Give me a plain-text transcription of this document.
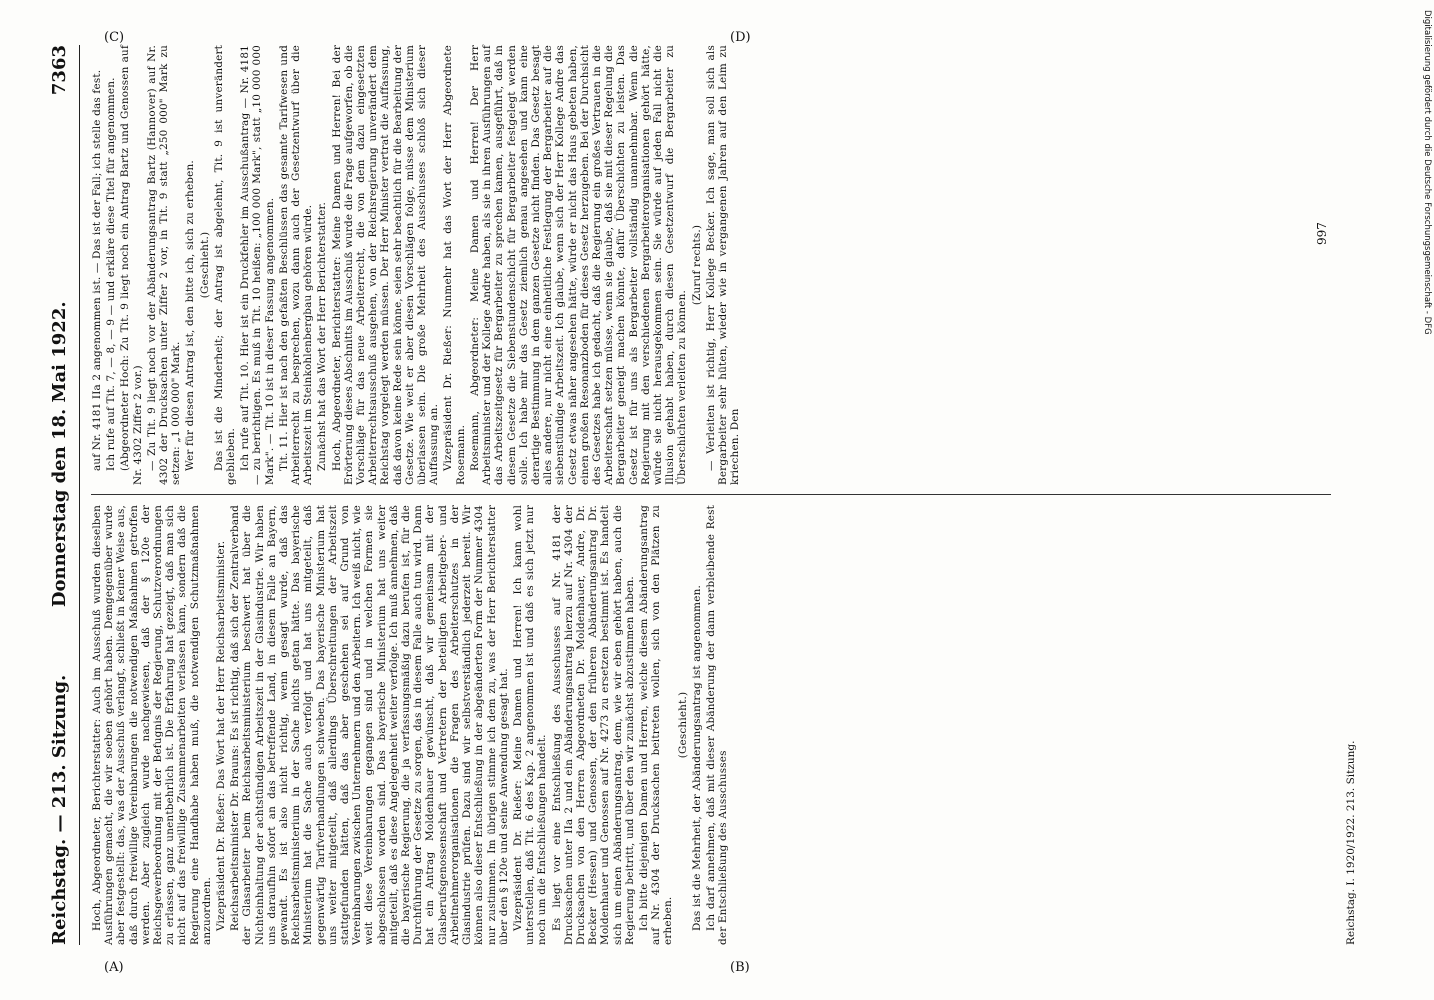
Reichstag. — 213. Sitzung.
Donnerstag den 18. Mai 1922. 7363

Hoch, Abgeordneter, Berichterstatter: Auch im Ausschuß wurden dieselben Ausführungen gemacht, die wir soeben gehört haben. Demgegenüber wurde aber festgestellt: das, was der Ausschuß verlangt, schließt in keiner Weise aus, daß durch freiwillige Vereinbarungen die notwendigen Maßnahmen getroffen werden. Aber zugleich wurde nachgewiesen, daß der § 120e der Reichsgewerbeordnung mit der Befugnis der Regierung, Schutzverordnungen zu erlassen, ganz unentbehrlich ist. Die Erfahrung hat gezeigt, daß man sich nicht auf das freiwillige Zusammenarbeiten verlassen kann, sondern daß die Regierung eine Handhabe haben muß, die notwendigen Schutzmaßnahmen anzuordnen. Vizepräsident Dr. Rießer: Das Wort hat der Herr Reichsarbeitsminister. Reichsarbeitsminister Dr. Brauns: Es ist richtig, daß sich der Zentralverband der Glasarbeiter beim Reichsarbeitsministerium beschwert hat über die Nichteinhaltung der achtstündigen Arbeitszeit in der Glasindustrie. Wir haben uns daraufhin sofort an das betreffende Land, in diesem Falle an Bayern, gewandt. Es ist also nicht richtig, wenn gesagt wurde, daß das Reichsarbeitsministerium in der Sache nichts getan hätte. Das bayerische Ministerium hat die Sache auch verfolgt und hat uns mitgeteilt, daß gegenwärtig Tarifverhandlungen schweben. Das bayerische Ministerium hat uns weiter mitgeteilt, daß allerdings Überschreitungen der Arbeitszeit stattgefunden hätten, daß das aber geschehen sei auf Grund von Vereinbarungen zwischen Unternehmern und den Arbeitern. Ich weiß nicht, wie weit diese Vereinbarungen gegangen sind und in welchen Formen sie abgeschlossen worden sind. Das bayerische Ministerium hat uns weiter mitgeteilt, daß es diese Angelegenheit weiter verfolge. Ich muß annehmen, daß die bayerische Regierung, die ja verfassungsmäßig dazu berufen ist, für die Durchführung der Gesetze zu sorgen, das in diesem Falle auch tun wird. Dann hat ein Antrag Moldenhauer gewünscht, daß wir gemeinsam mit der Glasberufsgenossenschaft und Vertretern der beteiligten Arbeitgeber- und Arbeitnehmerorganisationen die Fragen des Arbeiterschutzes in der Glasindustrie prüfen. Dazu sind wir selbstverständlich jederzeit bereit. Wir können also dieser Entschließung in der abgeänderten Form der Nummer 4304 nur zustimmen. Im übrigen stimme ich dem zu, was der Herr Berichterstatter über den § 120e und seine Anwendung gesagt hat. Vizepräsident Dr. Rießer: Meine Damen und Herren! Ich kann wohl unterstellen, daß Tit. 6 des Kap. 2 angenommen ist und daß es sich jetzt nur noch um die Entschließungen handelt. Es liegt vor eine Entschließung des Ausschusses auf Nr. 4181 der Drucksachen unter IIa 2 und ein Abänderungsantrag hierzu auf Nr. 4304 der Drucksachen von den Herren Abgeordneten Dr. Moldenhauer, Andre, Dr. Becker (Hessen) und Genossen, der den früheren Abänderungsantrag Dr. Moldenhauer und Genossen auf Nr. 4273 zu ersetzen bestimmt ist. Es handelt sich um einen Abänderungsantrag, dem, wie wir eben gehört haben, auch die Regierung beitritt, und über den wir zunächst abzustimmen haben. Ich bitte diejenigen Damen und Herren, welche diesem Abänderungsantrag auf Nr. 4304 der Drucksachen beitreten wollen, sich von den Plätzen zu erheben.

(Geschieht.) Das ist die Mehrheit, der Abänderungsantrag ist angenommen. Ich darf annehmen, daß mit dieser Abänderung der dann verbleibende Rest der Entschließung des Ausschusses

auf Nr. 4181 IIa 2 angenommen ist. — Das ist der Fall; ich stelle das fest. Ich rufe auf Tit. 7, — 8, — 9 — und erkläre diese Titel für angenommen. (Abgeordneter Hoch: Zu Tit. 9 liegt noch ein Antrag Bartz und Genossen auf Nr. 4302 Ziffer 2 vor.) — Zu Tit. 9 liegt noch vor der Abänderungsantrag Bartz (Hannover) auf Nr. 4302 der Drucksachen unter Ziffer 2 vor, in Tit. 9 statt „250 000" Mark zu setzen: „1 000 000" Mark. Wer für diesen Antrag ist, den bitte ich, sich zu erheben. (Geschieht.) Das ist die Minderheit; der Antrag ist abgelehnt, Tit. 9 ist unverändert geblieben. Ich rufe auf Tit. 10. Hier ist ein Druckfehler im Ausschußantrag — Nr. 4181 — zu berichtigen. Es muß in Tit. 10 heißen: „100 000 Mark", statt „10 000 000 Mark". — Tit. 10 ist in dieser Fassung angenommen. Tit. 11. Hier ist nach den gefaßten Beschlüssen das gesamte Tarifwesen und Arbeiterrecht zu besprechen, wozu dann auch der Gesetzentwurf über die Arbeitszeit im Steinkohlenbergbau gehören würde. Zunächst hat das Wort der Herr Berichterstatter. Hoch, Abgeordneter, Berichterstatter: Meine Damen und Herren! Bei der Erörterung dieses Abschnitts im Ausschuß wurde die Frage aufgeworfen, ob die Vorschläge für das neue Arbeiterrecht, die von dem dazu eingesetzten Arbeiterrechtsausschuß ausgehen, von der Reichsregierung unverändert dem Reichstag vorgelegt werden müssen. Der Herr Minister vertrat die Auffassung, daß davon keine Rede sein könne, seien sehr beachtlich für die Bearbeitung der Gesetze. Wie weit er aber diesen Vorschlägen folge, müsse dem Ministerium überlassen sein. Die große Mehrheit des Ausschusses schloß sich dieser Auffassung an. Vizepräsident Dr. Rießer: Nunmehr hat das Wort der Herr Abgeordnete Rosemann. Rosemann, Abgeordneter: Meine Damen und Herren! Der Herr Arbeitsminister und der Kollege Andre haben, als sie in ihren Ausführungen auf das Arbeitszeitgesetz für Bergarbeiter zu sprechen kamen, ausgeführt, daß in diesem Gesetze die Siebenstundenschicht für Bergarbeiter festgelegt werden solle. Ich habe mir das Gesetz ziemlich genau angesehen und kann eine derartige Bestimmung in dem ganzen Gesetze nicht finden. Das Gesetz besagt alles andere, nur nicht eine einheitliche Festlegung der Bergarbeiter auf die siebenstündige Arbeitszeit. Ich glaube, wenn sich der Herr Kollege Andre das Gesetz etwas näher angesehen hätte, würde er nicht das Haus gebeten haben, einen großen Resonanzboden für dieses Gesetz herzugeben. Bei der Durchsicht des Gesetzes habe ich gedacht, daß die Regierung ein großes Vertrauen in die Arbeiterschaft setzen müsse, wenn sie glaube, daß sie mit dieser Regelung die Bergarbeiter geneigt machen könnte, dafür Überschichten zu leisten. Das Gesetz ist für uns als Bergarbeiter vollständig unannehmbar. Wenn die Regierung mit den verschiedenen Bergarbeiterorganisationen gehört hätte, würde sie nicht herausgekommen sein. Sie würde auf jeden Fall nicht die Illusion gehabt haben, durch diesen Gesetzentwurf die Bergarbeiter zu Überschichten verleiten zu können.

(Zuruf rechts.) — Verleiten ist richtig, Herr Kollege Becker. Ich sage, man soll sich als Bergarbeiter sehr hüten, wieder wie in vergangenen Jahren auf den Leim zu kriechen. Den

Reichstag. I. 1920/1922. 213. Sitzung.
997
(A)	(B)
(C)	(D)	Digitalisierung gefördert durch die Deutsche Forschungsgemeinschaft - DFG
